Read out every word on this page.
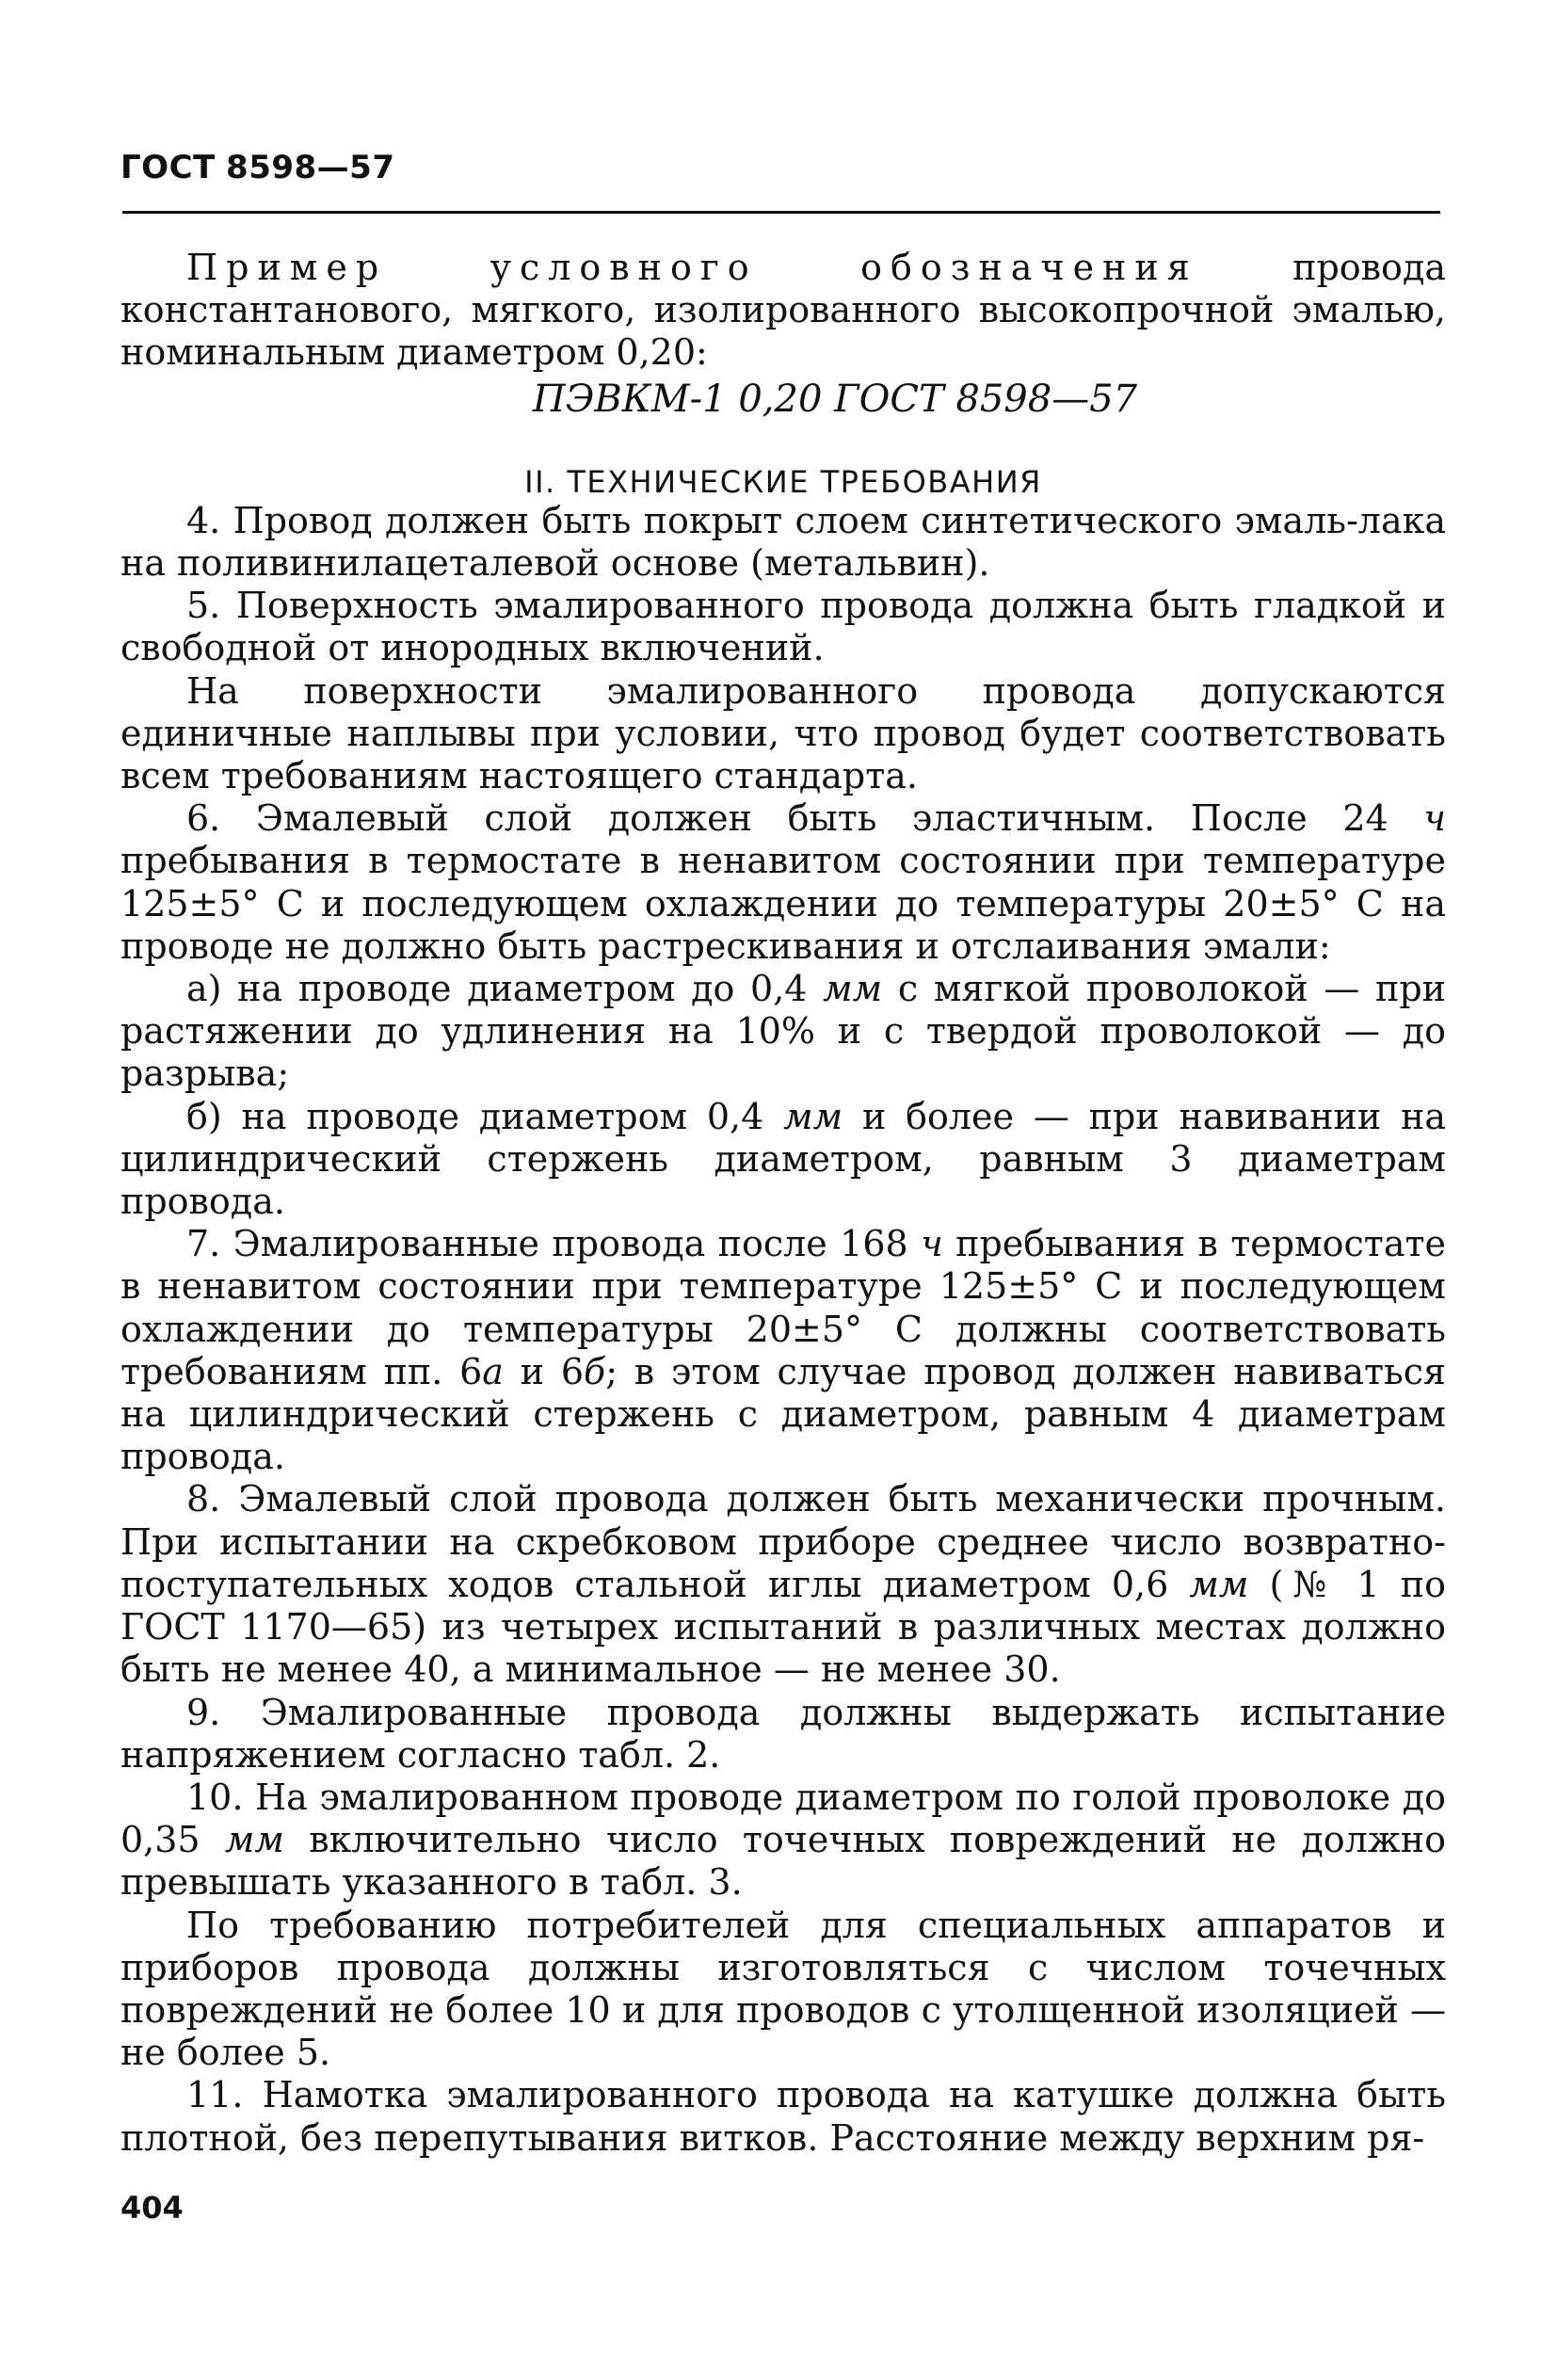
ГОСТ 8598—57

Пример условного обозначения провода константанового, мягкого, изолированного высокопрочной эмалью, номинальным диаметром 0,20:

ПЭВКМ-1 0,20 ГОСТ 8598—57
II. ТЕХНИЧЕСКИЕ ТРЕБОВАНИЯ

4. Провод должен быть покрыт слоем синтетического эмаль-лака на поливинилацеталевой основе (метальвин).

5. Поверхность эмалированного провода должна быть гладкой и свободной от инородных включений.

На поверхности эмалированного провода допускаются единичные наплывы при условии, что провод будет соответствовать всем требованиям настоящего стандарта.

6. Эмалевый слой должен быть эластичным. После 24 ч пребывания в термостате в ненавитом состоянии при температуре 125±5° С и последующем охлаждении до температуры 20±5° С на проводе не должно быть растрескивания и отслаивания эмали:

а) на проводе диаметром до 0,4 мм с мягкой проволокой — при растяжении до удлинения на 10% и с твердой проволокой — до разрыва;

б) на проводе диаметром 0,4 мм и более — при навивании на цилиндрический стержень диаметром, равным 3 диаметрам провода.

7. Эмалированные провода после 168 ч пребывания в термостате в ненавитом состоянии при температуре 125±5° С и последующем охлаждении до температуры 20±5° С должны соответствовать требованиям пп. 6а и 6б; в этом случае провод должен навиваться на цилиндрический стержень с диаметром, равным 4 диаметрам провода.

8. Эмалевый слой провода должен быть механически прочным. При испытании на скребковом приборе среднее число возвратно-поступательных ходов стальной иглы диаметром 0,6 мм (№ 1 по ГОСТ 1170—65) из четырех испытаний в различных местах должно быть не менее 40, а минимальное — не менее 30.

9. Эмалированные провода должны выдержать испытание напряжением согласно табл. 2.

10. На эмалированном проводе диаметром по голой проволоке до 0,35 мм включительно число точечных повреждений не должно превышать указанного в табл. 3.

По требованию потребителей для специальных аппаратов и приборов провода должны изготовляться с числом точечных повреждений не более 10 и для проводов с утолщенной изоляцией — не более 5.

11. Намотка эмалированного провода на катушке должна быть плотной, без перепутывания витков. Расстояние между верхним ря-

404
